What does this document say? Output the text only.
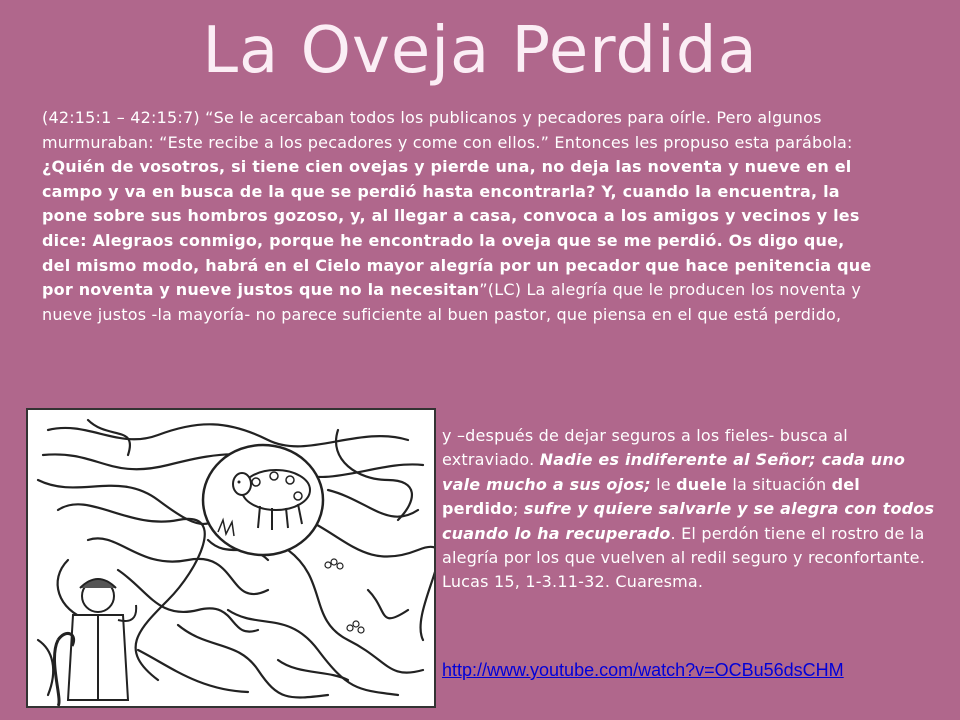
La Oveja Perdida
(42:15:1 – 42:15:7) “Se le acercaban todos los publicanos y pecadores para oírle. Pero algunos murmuraban: “Este recibe a los pecadores y come con ellos.” Entonces les propuso esta parábola: ¿Quién de vosotros, si tiene cien ovejas y pierde una, no deja las noventa y nueve en el campo y va en busca de la que se perdió hasta encontrarla? Y, cuando la encuentra, la pone sobre sus hombros gozoso, y, al llegar a casa, convoca a los amigos y vecinos y les dice: Alegraos conmigo, porque he encontrado la oveja que se me perdió. Os digo que, del mismo modo, habrá en el Cielo mayor alegría por un pecador que hace penitencia que por noventa y nueve justos que no la necesitan”(LC) La alegría que le producen los noventa y nueve justos -la mayoría- no parece suficiente al buen pastor, que piensa en el que está perdido,
y –después de dejar seguros a los fieles- busca al extraviado. Nadie es indiferente al Señor; cada uno vale mucho a sus ojos; le duele la situación del perdido; sufre y quiere salvarle y se alegra con todos cuando lo ha recuperado. El perdón tiene el rostro de la alegría por los que vuelven al redil seguro y reconfortante. Lucas 15, 1-3.11-32. Cuaresma.
http://www.youtube.com/watch?v=OCBu56dsCHM
